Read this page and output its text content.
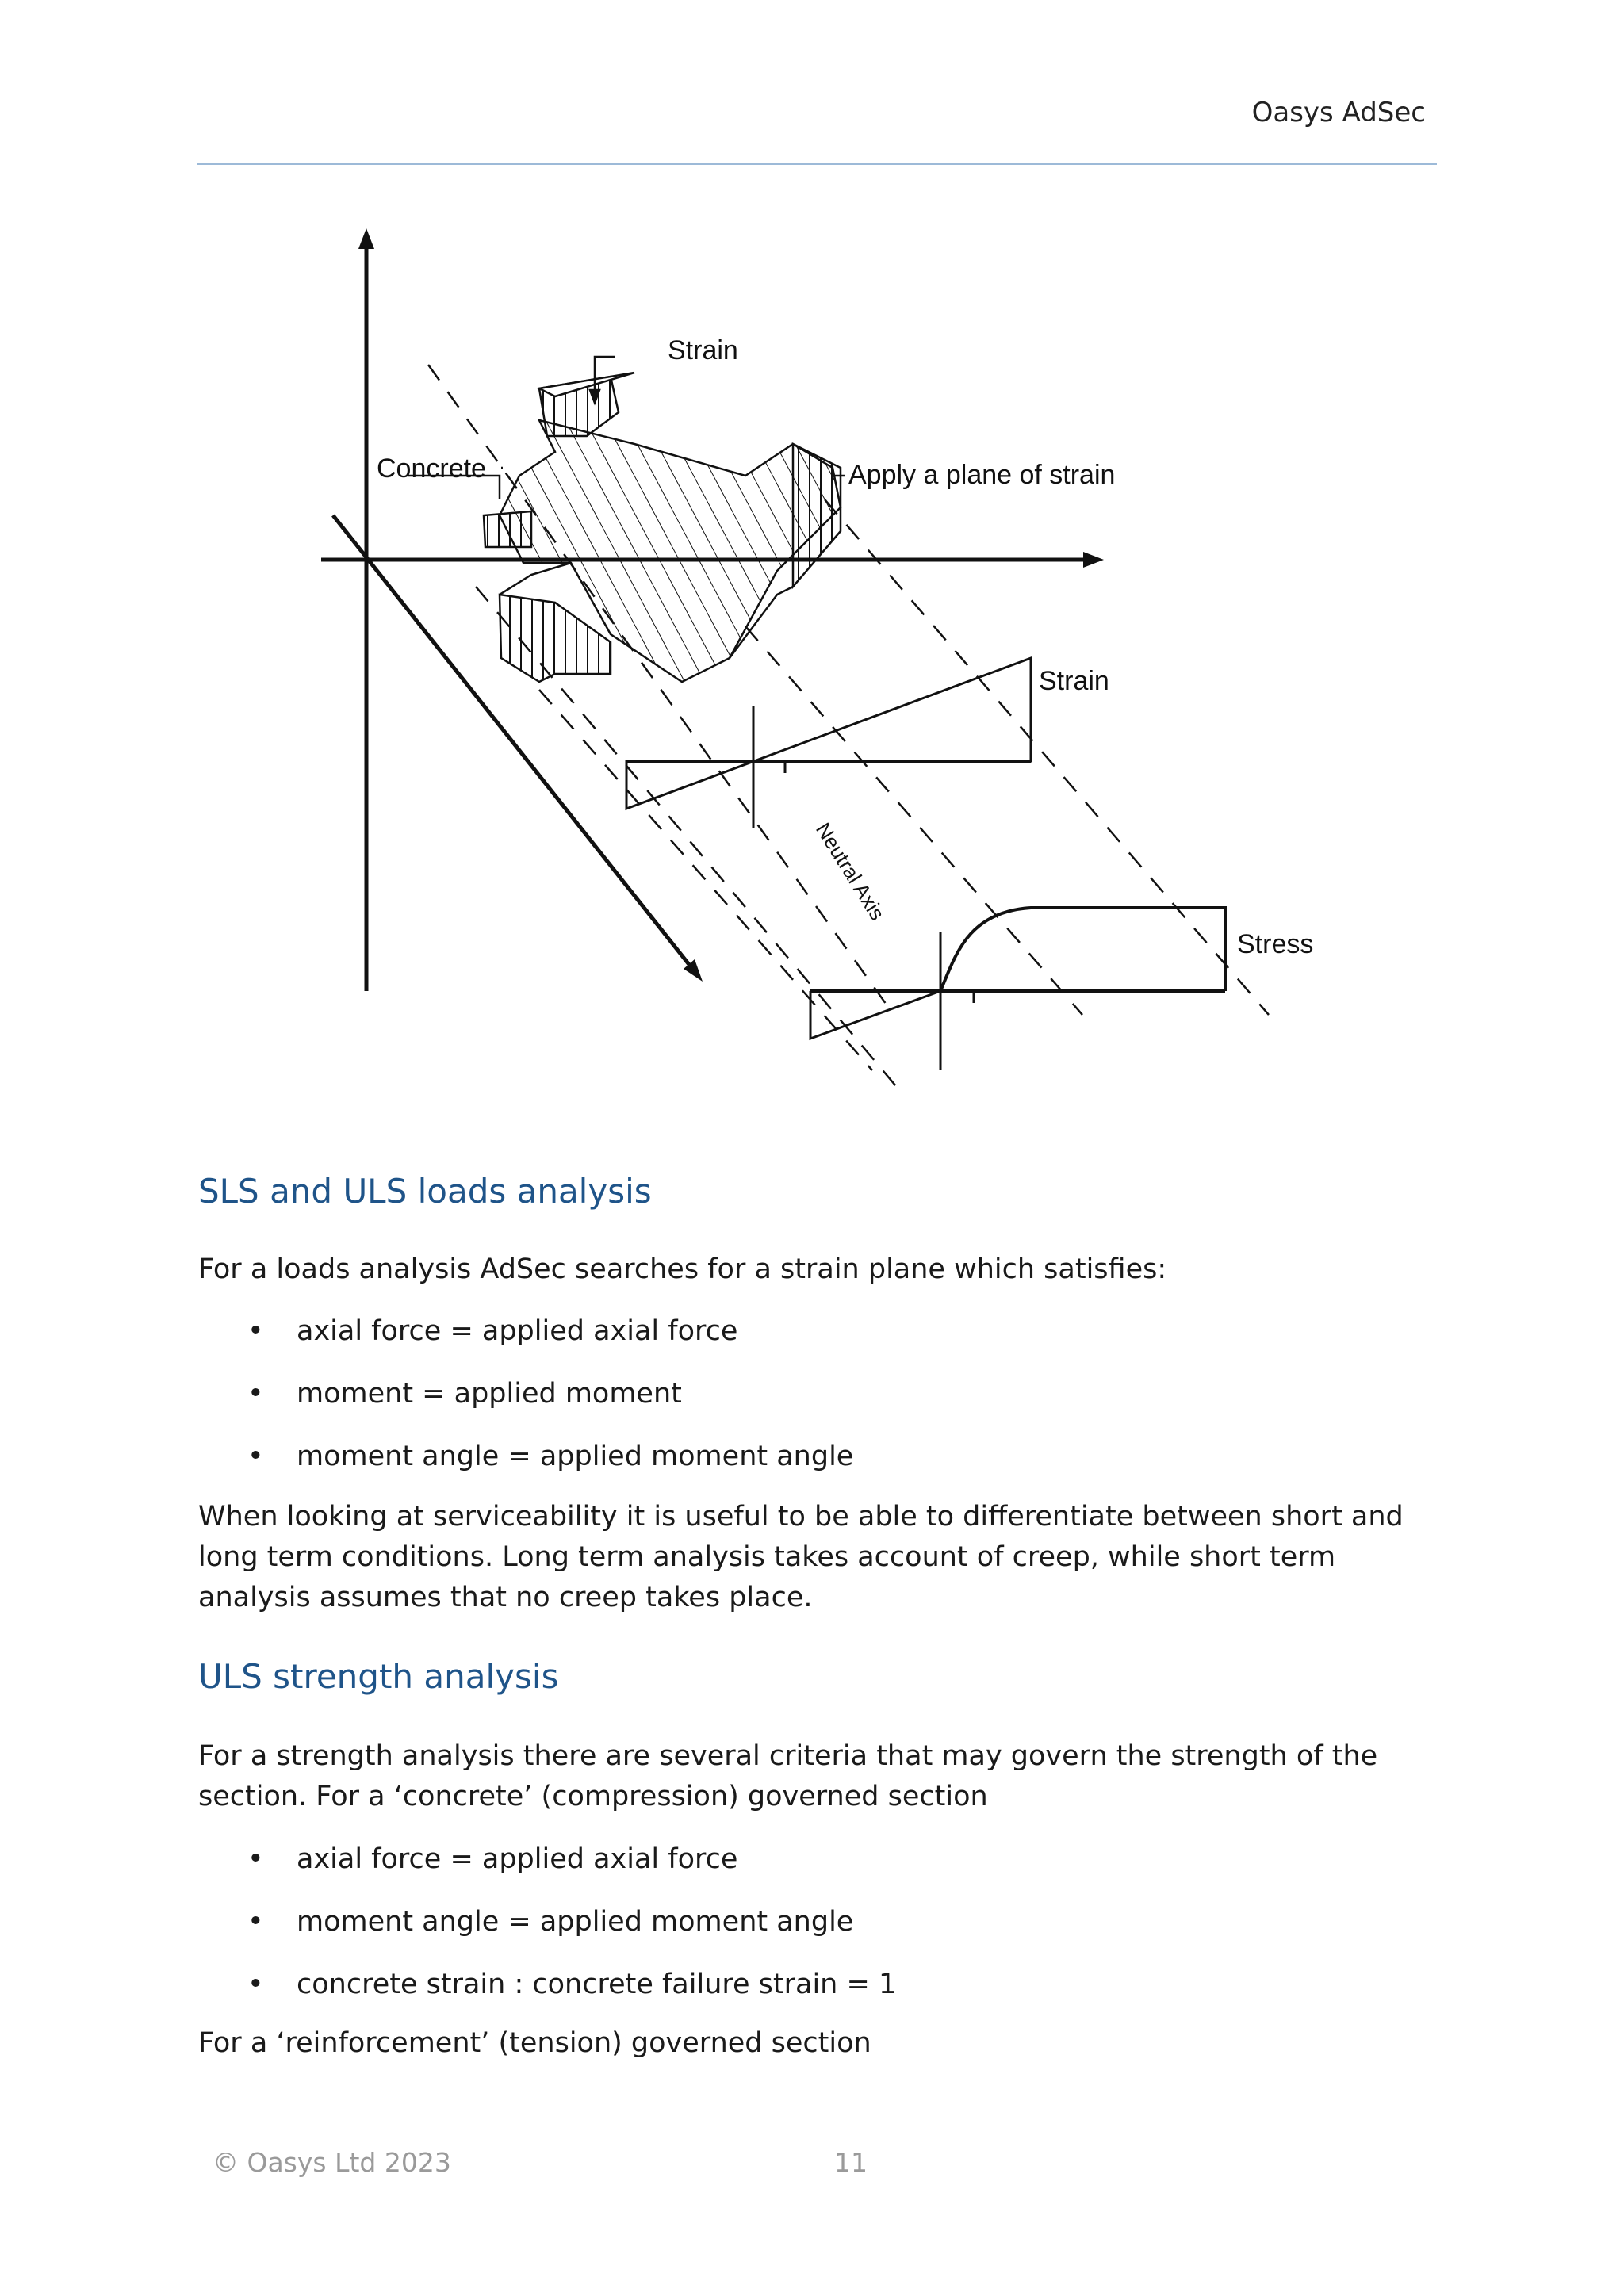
Oasys AdSec
Strain
Concrete	Apply a plane of strain
Strain
Stress
Neutral Axis
SLS and ULS loads analysis

For a loads analysis AdSec searches for a strain plane which satisfies:

• axial force = applied axial force
• moment = applied moment
• moment angle = applied moment angle

When looking at serviceability it is useful to be able to differentiate between short and long term conditions. Long term analysis takes account of creep, while short term analysis assumes that no creep takes place.

ULS strength analysis

For a strength analysis there are several criteria that may govern the strength of the section. For a ‘concrete’ (compression) governed section

• axial force = applied axial force
• moment angle = applied moment angle
• concrete strain : concrete failure strain = 1

For a ‘reinforcement’ (tension) governed section

© Oasys Ltd 2023	11
